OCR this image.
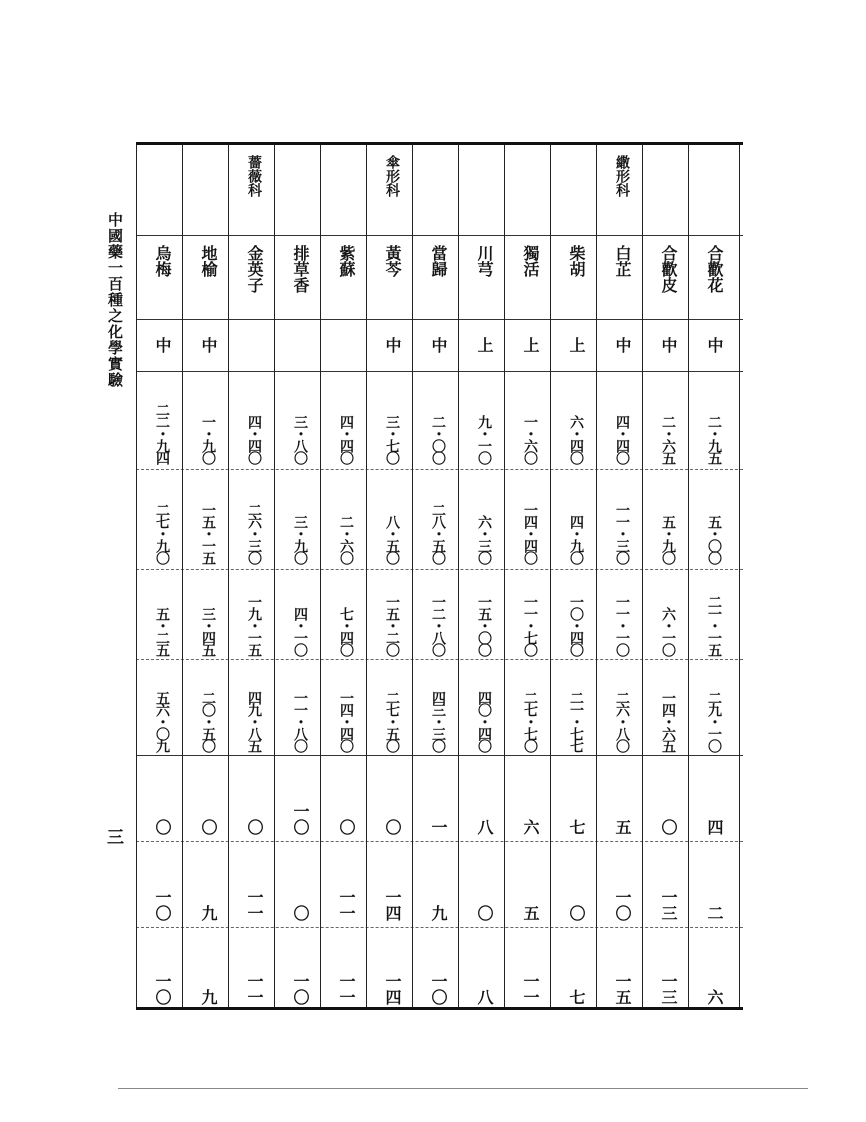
中國藥一百種之化學實驗
三
烏梅
中
二二・九四
二七・九〇
五・二五
五六・〇九
〇
一〇
一〇
地榆
中
一・九〇
一五・一五
三・四五
二〇・五〇
〇
九
九
薔薇科
金英子
四・四〇
二六・三〇
一九・一五
四九・八五
〇
一一
一一
排草香
三・八〇
三・九〇
四・一〇
一一・八〇
一〇
〇
一〇
紫蘇
四・四〇
二・六〇
七・四〇
一四・四〇
〇
一一
一一
傘形科
黃芩
中
三・七〇
八・五〇
一五・二〇
二七・五〇
〇
一四
一四
當歸
中
二・〇〇
二八・五〇
一二・八〇
四三・三〇
一
九
一〇
川芎
上
九・一〇
六・三〇
一五・〇〇
四〇・四〇
八
〇
八
獨活
上
一・六〇
一四・四〇
一一・七〇
二七・七〇
六
五
一一
柴胡
上
六・四〇
四・九〇
一〇・四〇
二一・七七
七
〇
七
繖形科
白芷
中
四・四〇
一一・三〇
一一・一〇
二六・八〇
五
一〇
一五
合歡皮
中
二・六五
五・九〇
六・一〇
一四・六五
〇
一三
一三
合歡花
中
二・九五
五・〇〇
二一・一五
二九・一〇
四
二
六
